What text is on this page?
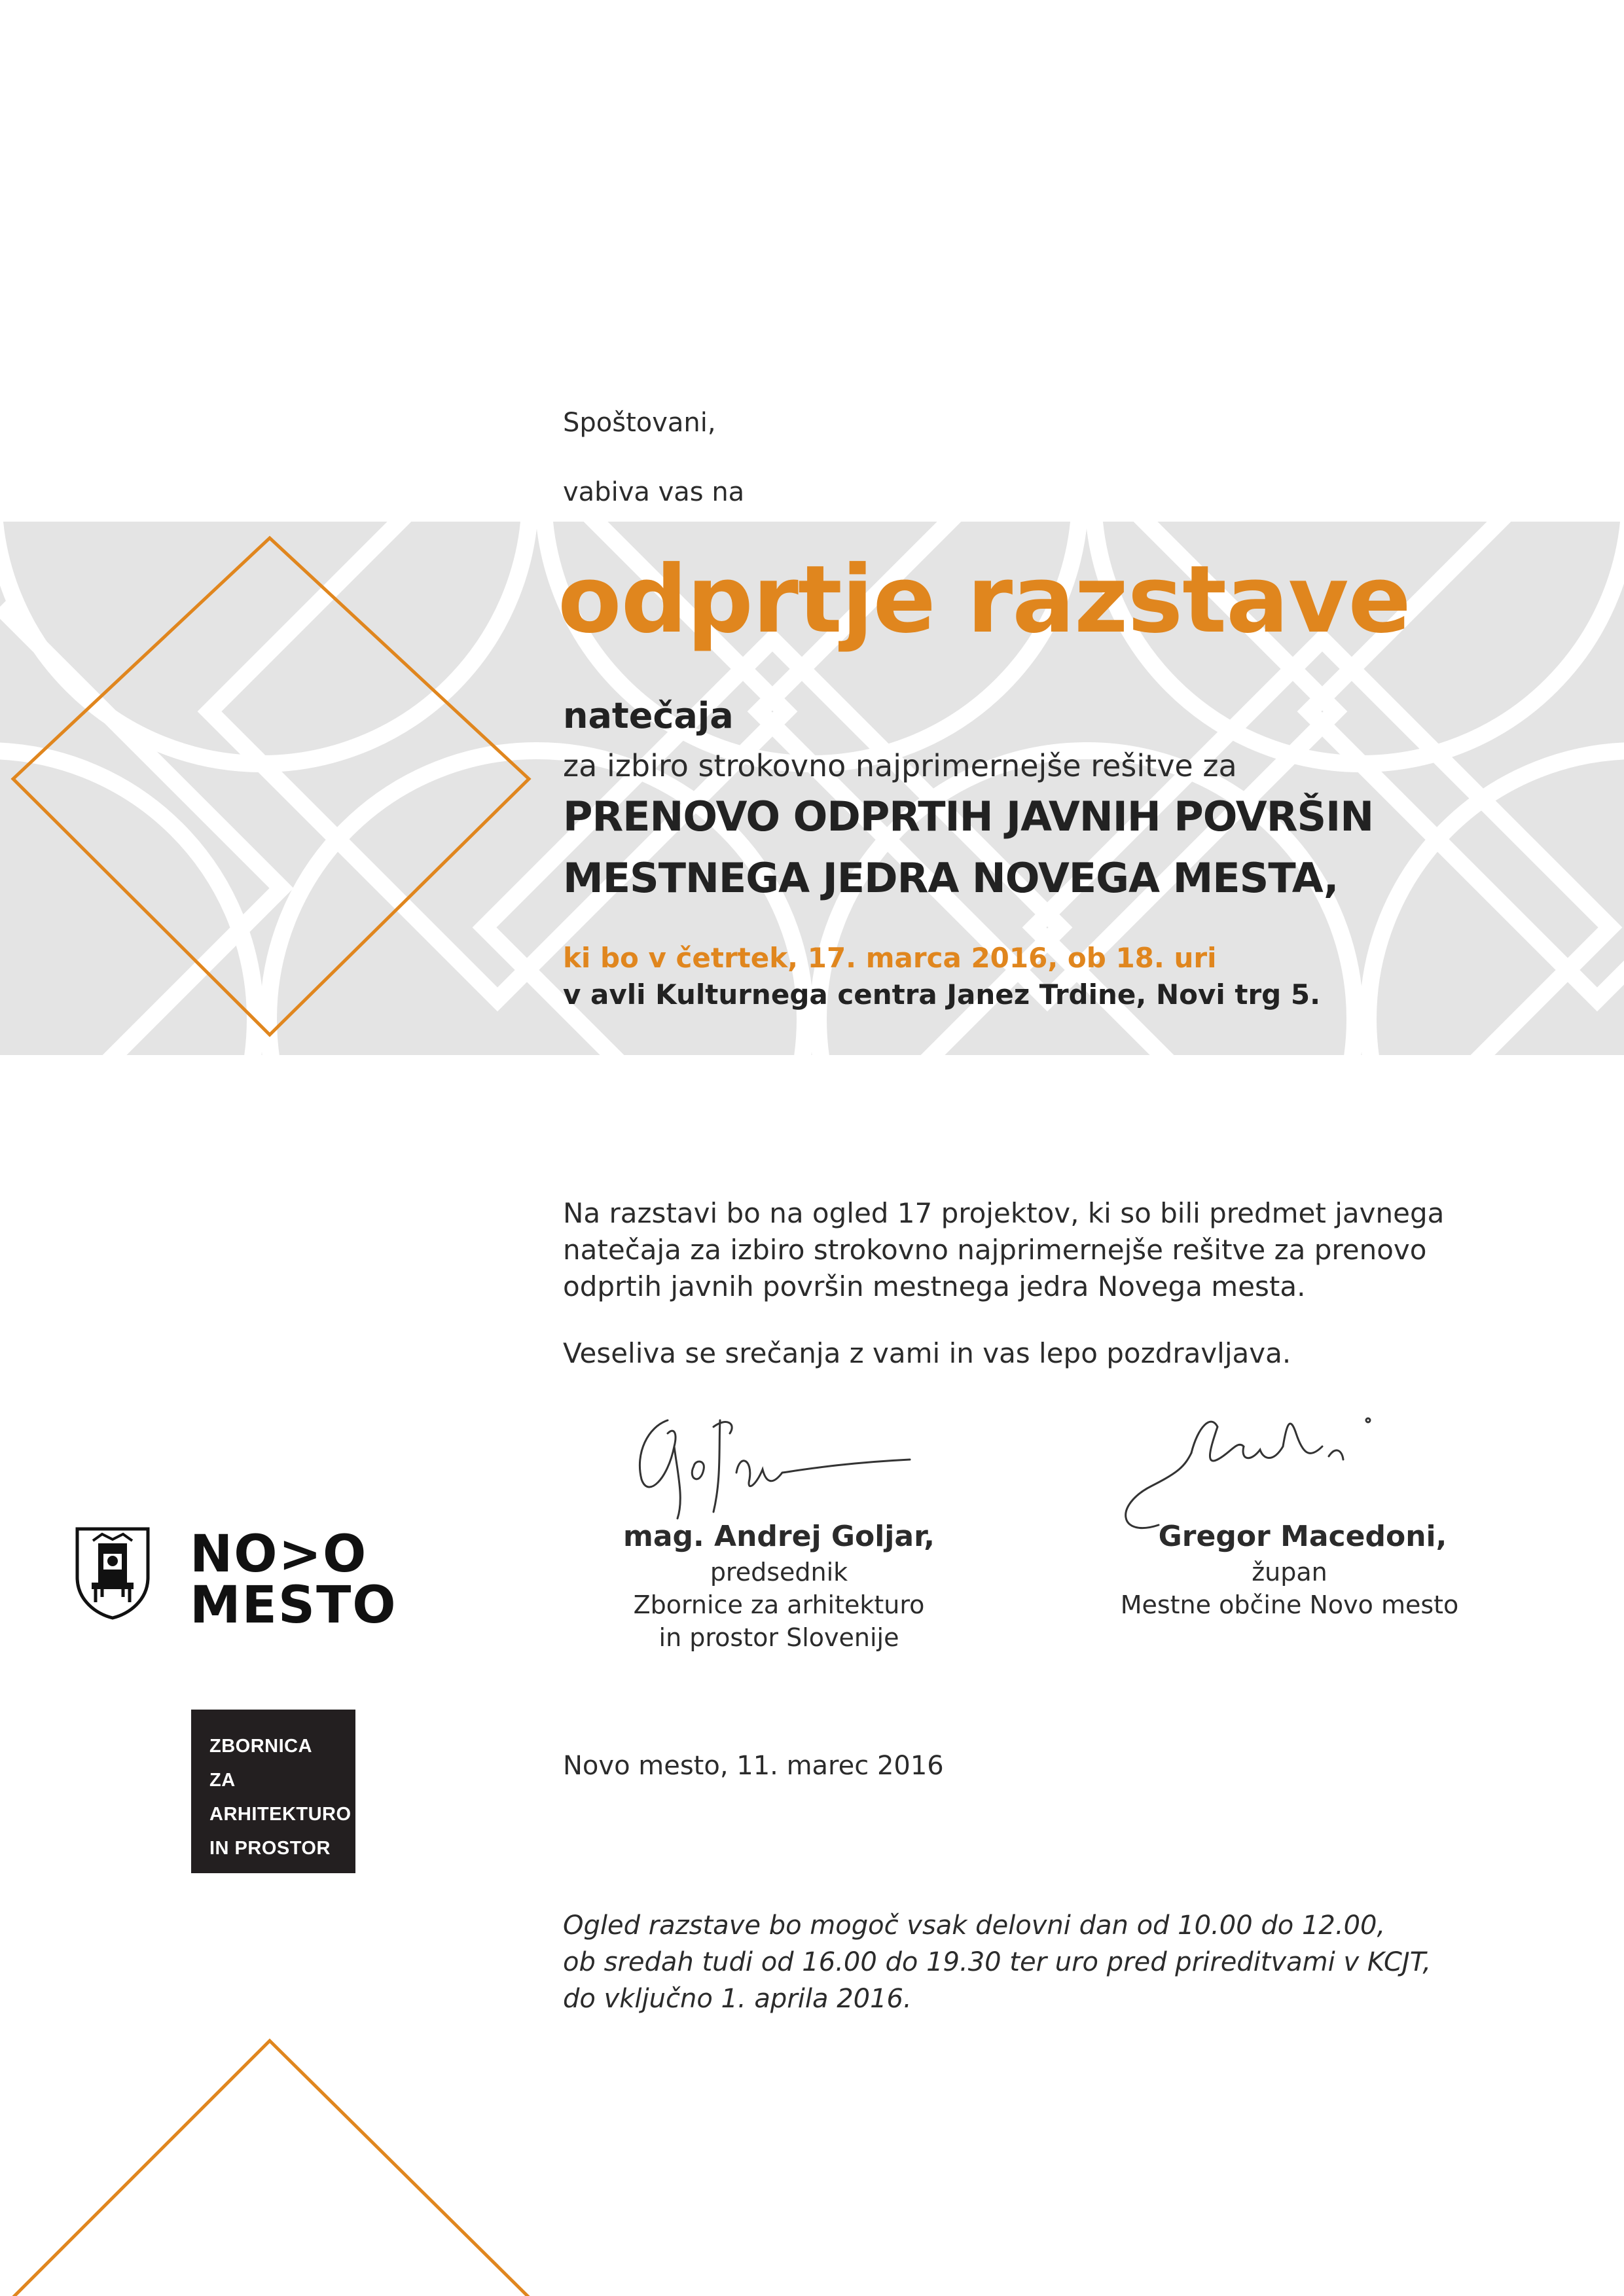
Spoštovani,
vabiva vas na
odprtje razstave
natečaja
za izbiro strokovno najprimernejše rešitve za
PRENOVO ODPRTIH JAVNIH POVRŠIN
MESTNEGA JEDRA NOVEGA MESTA,
ki bo v četrtek, 17. marca 2016, ob 18. uri
v avli Kulturnega centra Janez Trdine, Novi trg 5.
Na razstavi bo na ogled 17 projektov, ki so bili predmet javnega
natečaja za izbiro strokovno najprimernejše rešitve za prenovo
odprtih javnih površin mestnega jedra Novega mesta.
Veseliva se srečanja z vami in vas lepo pozdravljava.
mag. Andrej Goljar,
predsednik
Zbornice za arhitekturo
in prostor Slovenije
Gregor Macedoni,
župan
Mestne občine Novo mesto
NO>O
MESTO
ZBORNICA ZA
ARHITEKTURO
IN PROSTOR
SLOVENIJE
Novo mesto, 11. marec 2016
Ogled razstave bo mogoč vsak delovni dan od 10.00 do 12.00,
ob sredah tudi od 16.00 do 19.30 ter uro pred prireditvami v KCJT,
do vključno 1. aprila 2016.
